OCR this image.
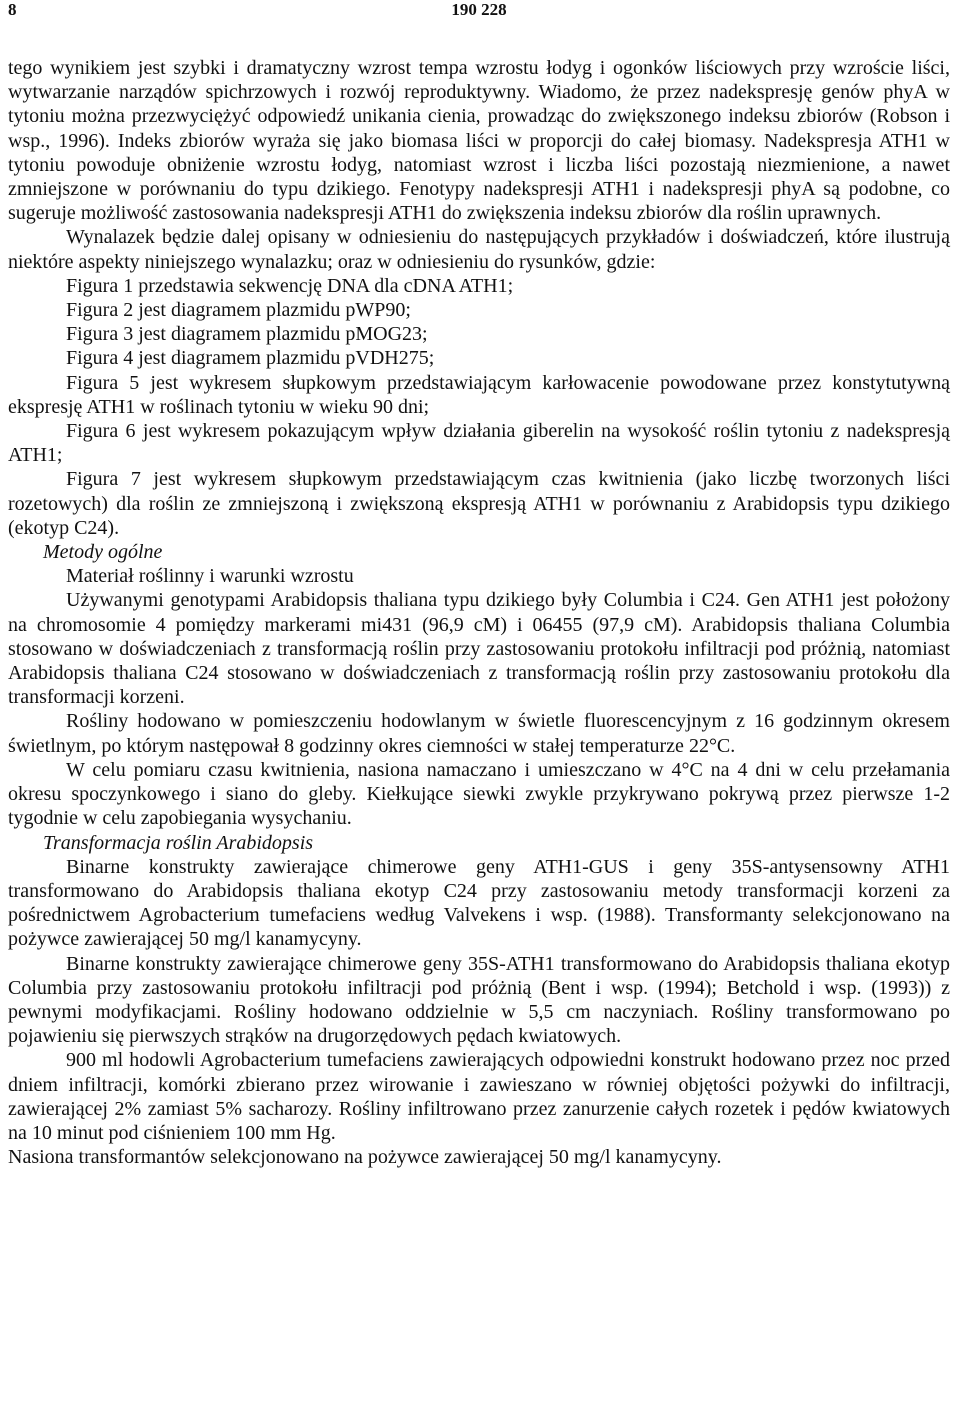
8	190 228

tego wynikiem jest szybki i dramatyczny wzrost tempa wzrostu łodyg i ogonków liściowych przy wzroście liści, wytwarzanie narządów spichrzowych i rozwój reproduktywny. Wiadomo, że przez nadekspresję genów phyA w tytoniu można przezwyciężyć odpowiedź unikania cienia, prowadząc do zwiększonego indeksu zbiorów (Robson i wsp., 1996). Indeks zbiorów wyraża się jako biomasa liści w proporcji do całej biomasy. Nadekspresja ATH1 w tytoniu powoduje obniżenie wzrostu łodyg, natomiast wzrost i liczba liści pozostają niezmienione, a nawet zmniejszone w porównaniu do typu dzikiego. Fenotypy nadekspresji ATH1 i nadekspresji phyA są podobne, co sugeruje możliwość zastosowania nadekspresji ATH1 do zwiększenia indeksu zbiorów dla roślin uprawnych.

Wynalazek będzie dalej opisany w odniesieniu do następujących przykładów i doświadczeń, które ilustrują niektóre aspekty niniejszego wynalazku; oraz w odniesieniu do rysunków, gdzie:

Figura 1 przedstawia sekwencję DNA dla cDNA ATH1;

Figura 2 jest diagramem plazmidu pWP90;

Figura 3 jest diagramem plazmidu pMOG23;

Figura 4 jest diagramem plazmidu pVDH275;

Figura 5 jest wykresem słupkowym przedstawiającym karłowacenie powodowane przez konstytutywną ekspresję ATH1 w roślinach tytoniu w wieku 90 dni;

Figura 6 jest wykresem pokazującym wpływ działania giberelin na wysokość roślin tytoniu z nadekspresją ATH1;

Figura 7 jest wykresem słupkowym przedstawiającym czas kwitnienia (jako liczbę tworzonych liści rozetowych) dla roślin ze zmniejszoną i zwiększoną ekspresją ATH1 w porównaniu z Arabidopsis typu dzikiego (ekotyp C24).

Metody ogólne

Materiał roślinny i warunki wzrostu

Używanymi genotypami Arabidopsis thaliana typu dzikiego były Columbia i C24. Gen ATH1 jest położony na chromosomie 4 pomiędzy markerami mi431 (96,9 cM) i 06455 (97,9 cM). Arabidopsis thaliana Columbia stosowano w doświadczeniach z transformacją roślin przy zastosowaniu protokołu infiltracji pod próżnią, natomiast Arabidopsis thaliana C24 stosowano w doświadczeniach z transformacją roślin przy zastosowaniu protokołu dla transformacji korzeni.

Rośliny hodowano w pomieszczeniu hodowlanym w świetle fluorescencyjnym z 16 godzinnym okresem świetlnym, po którym następował 8 godzinny okres ciemności w stałej temperaturze 22°C.

W celu pomiaru czasu kwitnienia, nasiona namaczano i umieszczano w 4°C na 4 dni w celu przełamania okresu spoczynkowego i siano do gleby. Kiełkujące siewki zwykle przykrywano pokrywą przez pierwsze 1-2 tygodnie w celu zapobiegania wysychaniu.

Transformacja roślin Arabidopsis

Binarne konstrukty zawierające chimerowe geny ATH1-GUS i geny 35S-antysensowny ATH1 transformowano do Arabidopsis thaliana ekotyp C24 przy zastosowaniu metody transformacji korzeni za pośrednictwem Agrobacterium tumefaciens według Valvekens i wsp. (1988). Transformanty selekcjonowano na pożywce zawierającej 50 mg/l kanamycyny.

Binarne konstrukty zawierające chimerowe geny 35S-ATH1 transformowano do Arabidopsis thaliana ekotyp Columbia przy zastosowaniu protokołu infiltracji pod próżnią (Bent i wsp. (1994); Betchold i wsp. (1993)) z pewnymi modyfikacjami. Rośliny hodowano oddzielnie w 5,5 cm naczyniach. Rośliny transformowano po pojawieniu się pierwszych strąków na drugorzędowych pędach kwiatowych.

900 ml hodowli Agrobacterium tumefaciens zawierających odpowiedni konstrukt hodowano przez noc przed dniem infiltracji, komórki zbierano przez wirowanie i zawieszano w równiej objętości pożywki do infiltracji, zawierającej 2% zamiast 5% sacharozy. Rośliny infiltrowano przez zanurzenie całych rozetek i pędów kwiatowych na 10 minut pod ciśnieniem 100 mm Hg.

Nasiona transformantów selekcjonowano na pożywce zawierającej 50 mg/l kanamycyny.
